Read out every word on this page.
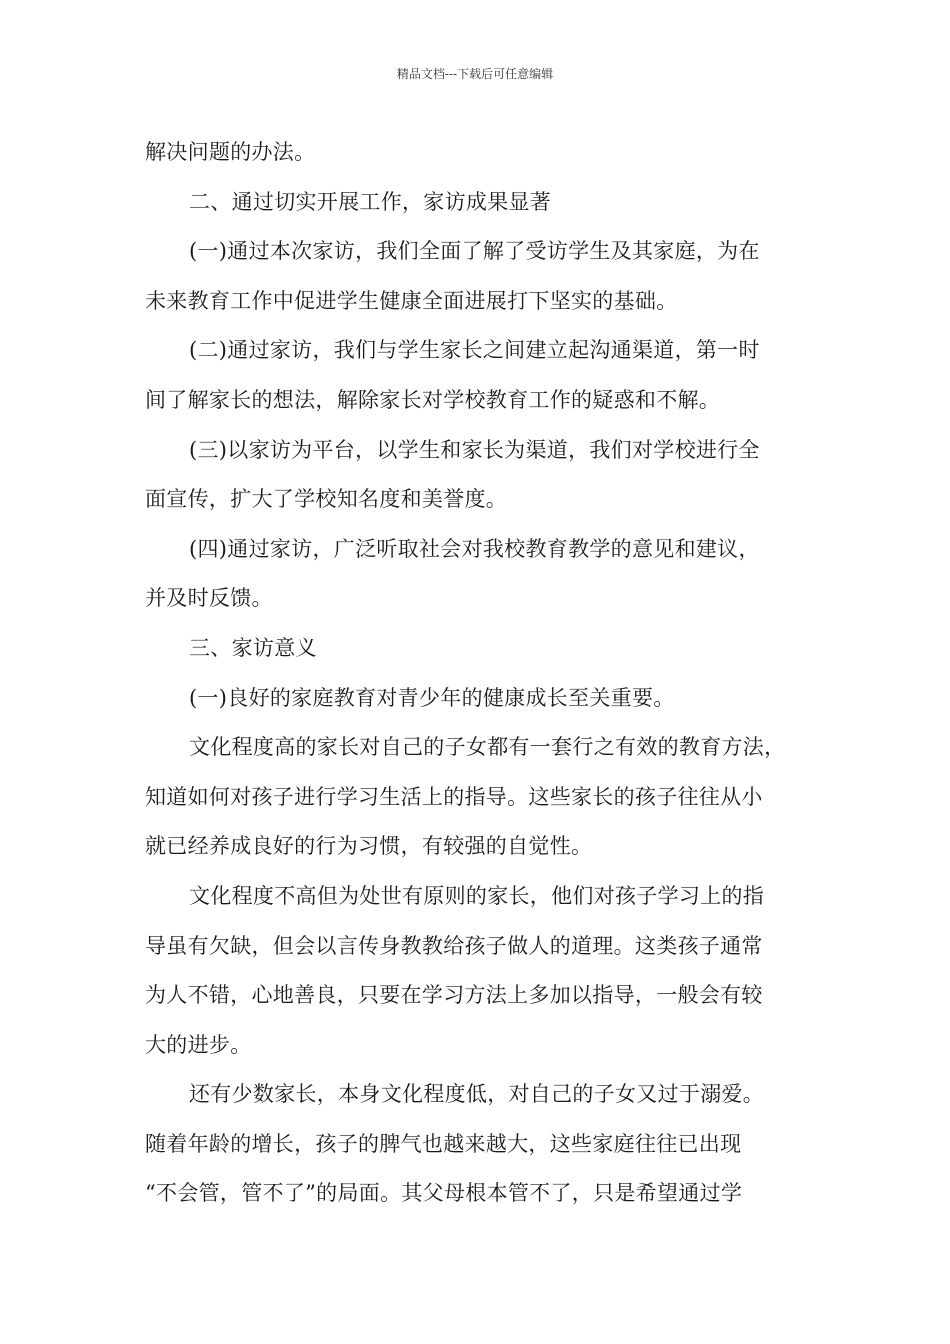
精品文档---下载后可任意编辑
解决问题的办法。
二、通过切实开展工作，家访成果显著
(一)通过本次家访，我们全面了解了受访学生及其家庭，为在
未来教育工作中促进学生健康全面进展打下坚实的基础。
(二)通过家访，我们与学生家长之间建立起沟通渠道，第一时
间了解家长的想法，解除家长对学校教育工作的疑惑和不解。
(三)以家访为平台，以学生和家长为渠道，我们对学校进行全
面宣传，扩大了学校知名度和美誉度。
(四)通过家访，广泛听取社会对我校教育教学的意见和建议，
并及时反馈。
三、家访意义
(一)良好的家庭教育对青少年的健康成长至关重要。
文化程度高的家长对自己的子女都有一套行之有效的教育方法，
知道如何对孩子进行学习生活上的指导。这些家长的孩子往往从小
就已经养成良好的行为习惯，有较强的自觉性。
文化程度不高但为处世有原则的家长，他们对孩子学习上的指
导虽有欠缺，但会以言传身教教给孩子做人的道理。这类孩子通常
为人不错，心地善良，只要在学习方法上多加以指导，一般会有较
大的进步。
还有少数家长，本身文化程度低，对自己的子女又过于溺爱。
随着年龄的增长，孩子的脾气也越来越大，这些家庭往往已出现
“不会管，管不了”的局面。其父母根本管不了，只是希望通过学
